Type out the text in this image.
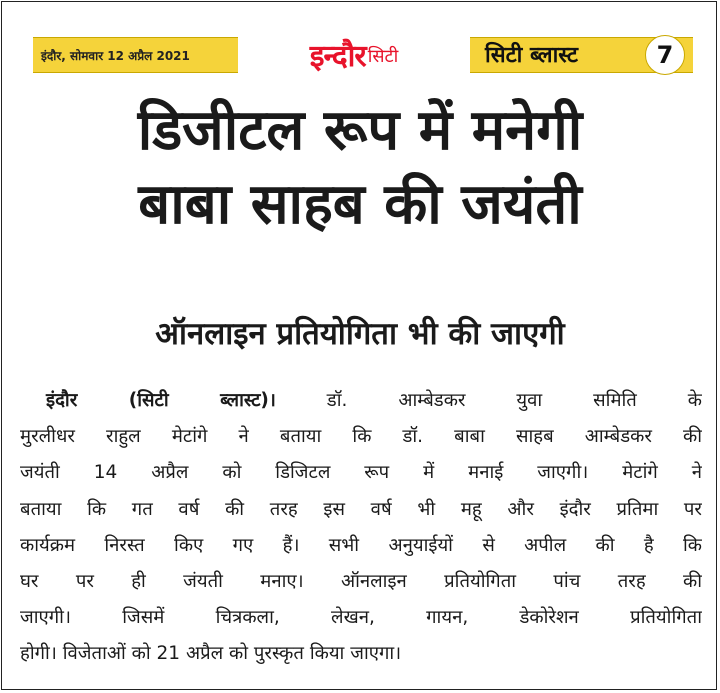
इंदौर, सोमवार 12 अप्रैल 2021	इन्दौर सिटी	सिटी ब्लास्ट	7
डिजीटल रूप में मनेगी
बाबा साहब की जयंती
ऑनलाइन प्रतियोगिता भी की जाएगी
इंदौर (सिटी ब्लास्ट)। डॉ. आम्बेडकर युवा समिति के
मुरलीधर राहुल मेटांगे ने बताया कि डॉ. बाबा साहब आम्बेडकर की
जयंती 14 अप्रैल को डिजिटल रूप में मनाई जाएगी। मेटांगे ने
बताया कि गत वर्ष की तरह इस वर्ष भी महू और इंदौर प्रतिमा पर
कार्यक्रम निरस्त किए गए हैं। सभी अनुयाईयों से अपील की है कि
घर पर ही जंयती मनाए। ऑनलाइन प्रतियोगिता पांच तरह की
जाएगी। जिसमें चित्रकला, लेखन, गायन, डेकोरेशन प्रतियोगिता
होगी। विजेताओं को 21 अप्रैल को पुरस्कृत किया जाएगा।
